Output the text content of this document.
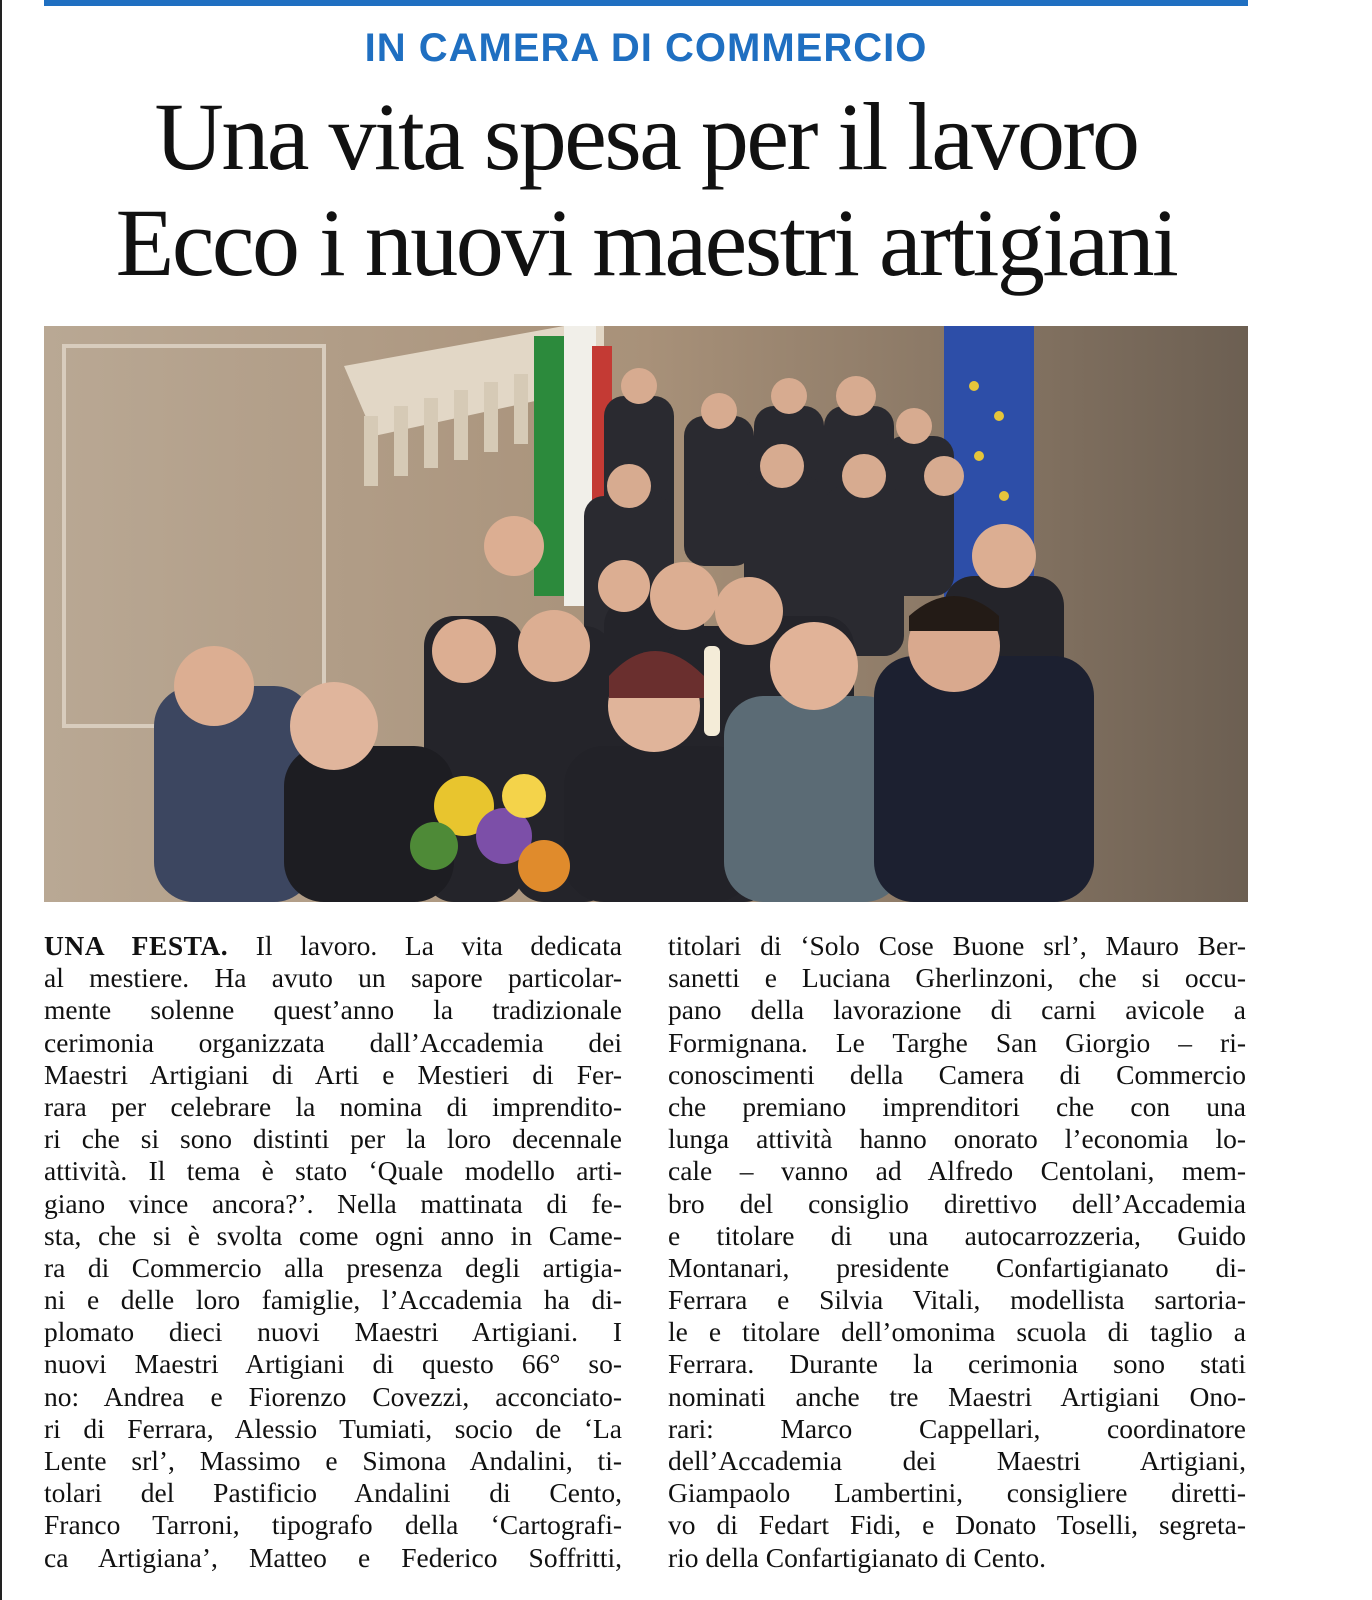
IN CAMERA DI COMMERCIO
Una vita spesa per il lavoro
Ecco i nuovi maestri artigiani
UNA FESTA. Il lavoro. La vita dedicata
al mestiere. Ha avuto un sapore particolar-
mente solenne quest’anno la tradizionale
cerimonia organizzata dall’Accademia dei
Maestri Artigiani di Arti e Mestieri di Fer-
rara per celebrare la nomina di imprendito-
ri che si sono distinti per la loro decennale
attività. Il tema è stato ‘Quale modello arti-
giano vince ancora?’. Nella mattinata di fe-
sta, che si è svolta come ogni anno in Came-
ra di Commercio alla presenza degli artigia-
ni e delle loro famiglie, l’Accademia ha di-
plomato dieci nuovi Maestri Artigiani. I
nuovi Maestri Artigiani di questo 66° so-
no: Andrea e Fiorenzo Covezzi, acconciato-
ri di Ferrara, Alessio Tumiati, socio de ‘La
Lente srl’, Massimo e Simona Andalini, ti-
tolari del Pastificio Andalini di Cento,
Franco Tarroni, tipografo della ‘Cartografi-
ca Artigiana’, Matteo e Federico Soffritti,
titolari di ‘Solo Cose Buone srl’, Mauro Ber-
sanetti e Luciana Gherlinzoni, che si occu-
pano della lavorazione di carni avicole a
Formignana. Le Targhe San Giorgio – ri-
conoscimenti della Camera di Commercio
che premiano imprenditori che con una
lunga attività hanno onorato l’economia lo-
cale – vanno ad Alfredo Centolani, mem-
bro del consiglio direttivo dell’Accademia
e titolare di una autocarrozzeria, Guido
Montanari, presidente Confartigianato di-
Ferrara e Silvia Vitali, modellista sartoria-
le e titolare dell’omonima scuola di taglio a
Ferrara. Durante la cerimonia sono stati
nominati anche tre Maestri Artigiani Ono-
rari: Marco Cappellari, coordinatore
dell’Accademia dei Maestri Artigiani,
Giampaolo Lambertini, consigliere diretti-
vo di Fedart Fidi, e Donato Toselli, segreta-
rio della Confartigianato di Cento.
